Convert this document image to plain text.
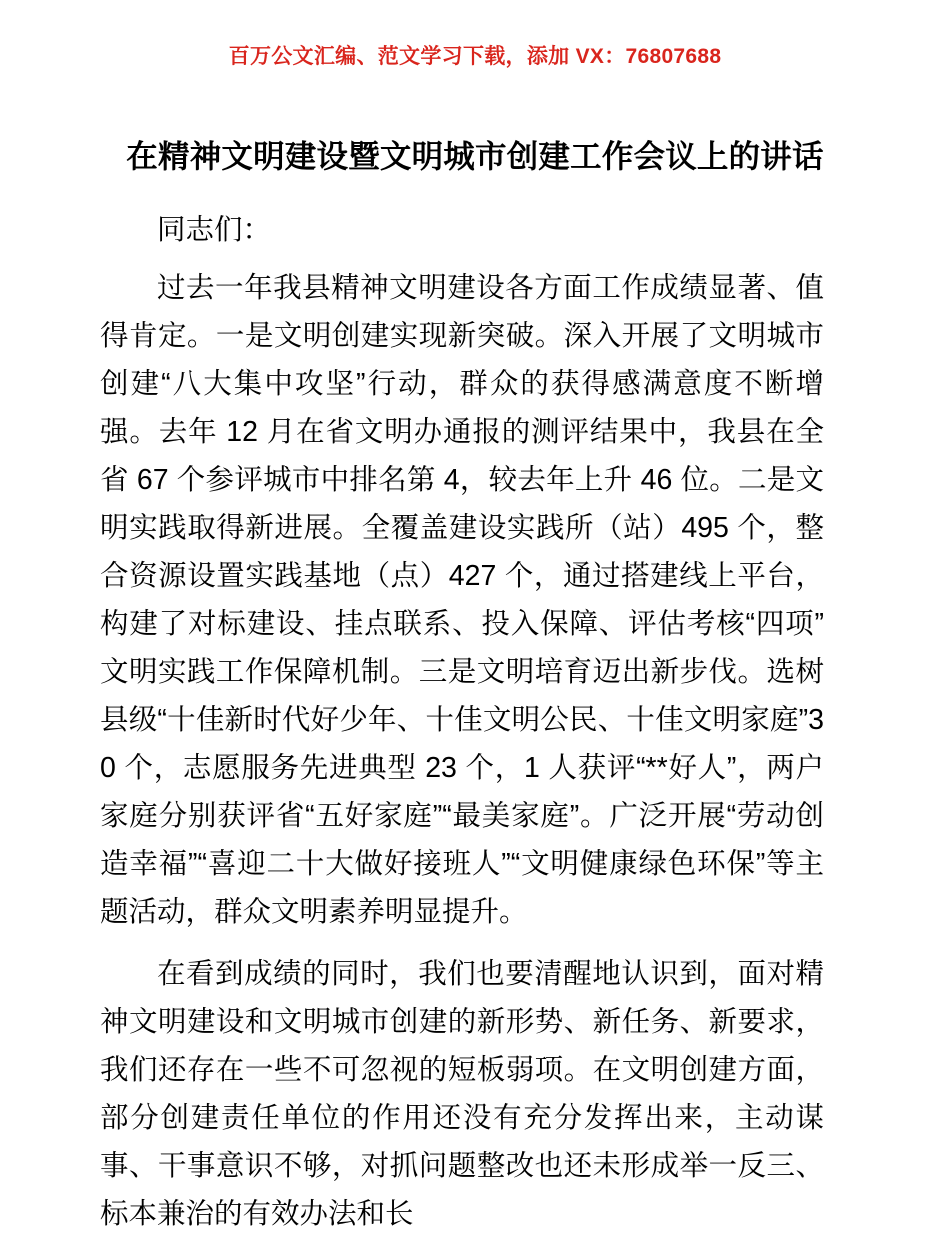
百万公文汇编、范文学习下载，添加 VX：76807688
在精神文明建设暨文明城市创建工作会议上的讲话

同志们：

过去一年我县精神文明建设各方面工作成绩显著、值得肯定。一是文明创建实现新突破。深入开展了文明城市创建“八大集中攻坚”行动，群众的获得感满意度不断增强。去年 12 月在省文明办通报的测评结果中，我县在全省 67 个参评城市中排名第 4，较去年上升 46 位。二是文明实践取得新进展。全覆盖建设实践所（站）495 个，整合资源设置实践基地（点）427 个，通过搭建线上平台，构建了对标建设、挂点联系、投入保障、评估考核“四项”文明实践工作保障机制。三是文明培育迈出新步伐。选树县级“十佳新时代好少年、十佳文明公民、十佳文明家庭”30 个，志愿服务先进典型 23 个，1 人获评“**好人”，两户家庭分别获评省“五好家庭”“最美家庭”。广泛开展“劳动创造幸福”“喜迎二十大做好接班人”“文明健康绿色环保”等主题活动，群众文明素养明显提升。

在看到成绩的同时，我们也要清醒地认识到，面对精神文明建设和文明城市创建的新形势、新任务、新要求，我们还存在一些不可忽视的短板弱项。在文明创建方面，部分创建责任单位的作用还没有充分发挥出来，主动谋事、干事意识不够，对抓问题整改也还未形成举一反三、标本兼治的有效办法和长
